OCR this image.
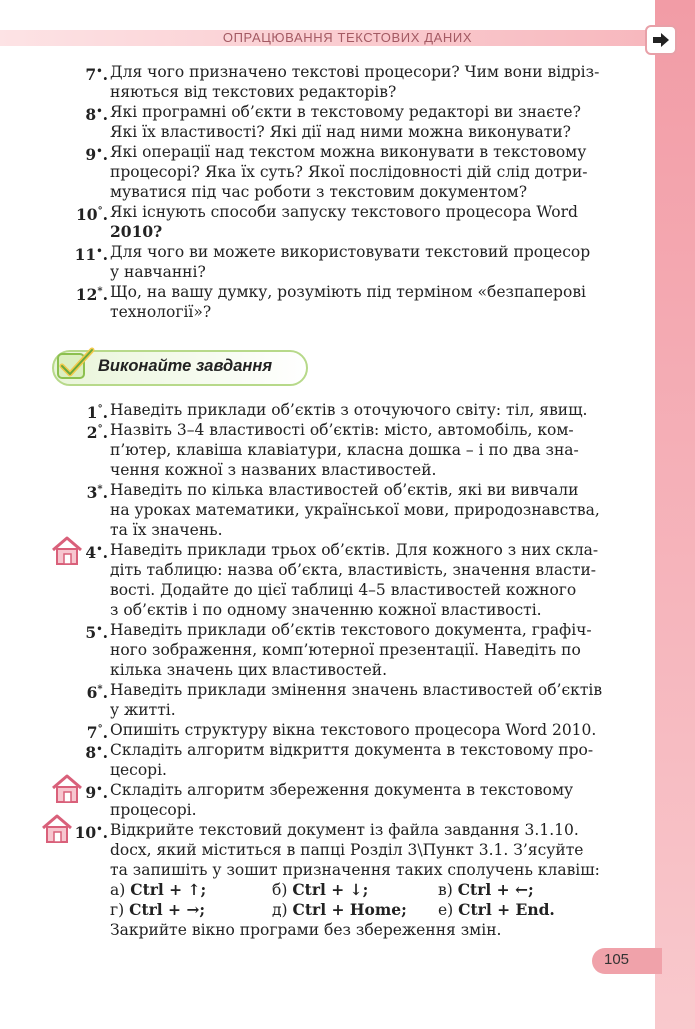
ОПРАЦЮВАННЯ ТЕКСТОВИХ ДАНИХ
7•. Для чого призначено текстові процесори? Чим вони відріз-
няються від текстових редакторів?
8•. Які програмні об’єкти в текстовому редакторі ви знаєте?
Які їх властивості? Які дії над ними можна виконувати?
9•. Які операції над текстом можна виконувати в текстовому
процесорі? Яка їх суть? Якої послідовності дій слід дотри-
муватися під час роботи з текстовим документом?
10°. Які існують способи запуску текстового процесора Word
2010?
11•. Для чого ви можете використовувати текстовий процесор
у навчанні?
12*. Що, на вашу думку, розуміють під терміном «безпаперові
технології»?
Виконайте завдання
1°. Наведіть приклади об’єктів з оточуючого світу: тіл, явищ.
2°. Назвіть 3–4 властивості об’єктів: місто, автомобіль, ком-
п’ютер, клавіша клавіатури, класна дошка – і по два зна-
чення кожної з названих властивостей.
3*. Наведіть по кілька властивостей об’єктів, які ви вивчали
на уроках математики, української мови, природознавства,
та їх значень.
4•. Наведіть приклади трьох об’єктів. Для кожного з них скла-
діть таблицю: назва об’єкта, властивість, значення власти-
вості. Додайте до цієї таблиці 4–5 властивостей кожного
з об’єктів і по одному значенню кожної властивості.
5•. Наведіть приклади об’єктів текстового документа, графіч-
ного зображення, комп’ютерної презентації. Наведіть по
кілька значень цих властивостей.
6*. Наведіть приклади змінення значень властивостей об’єктів
у житті.
7°. Опишіть структуру вікна текстового процесора Word 2010.
8•. Складіть алгоритм відкриття документа в текстовому про-
цесорі.
9•. Складіть алгоритм збереження документа в текстовому
процесорі.
10•. Відкрийте текстовий документ із файла завдання 3.1.10.
docx, який міститься в папці Розділ 3\Пункт 3.1. З’ясуйте
та запишіть у зошит призначення таких сполучень клавіш:
а) Ctrl + ↑;	б) Ctrl + ↓;	в) Ctrl + ←;
г) Ctrl + →;	д) Ctrl + Home; е) Ctrl + End.
Закрийте вікно програми без збереження змін.
105
